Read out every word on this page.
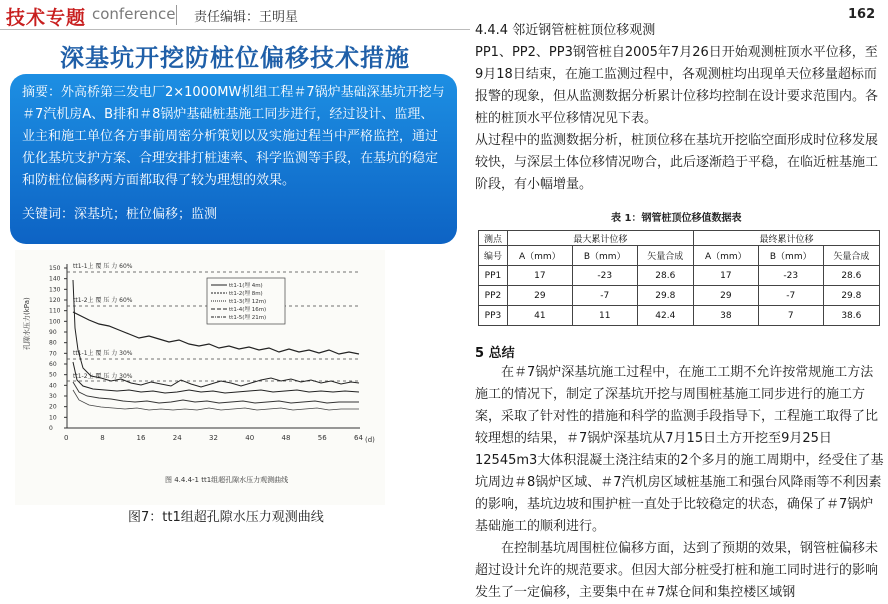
技术专题 conference 责任编辑：王明星	162
深基坑开挖防桩位偏移技术措施
摘要：外高桥第三发电厂2×1000MW机组工程＃7锅炉基础深基坑开挖与＃7汽机房A、B排和＃8锅炉基础桩基施工同步进行，经过设计、监理、业主和施工单位各方事前周密分析策划以及实施过程当中严格监控，通过优化基坑支护方案、合理安排打桩速率、科学监测等手段，在基坑的稳定和防桩位偏移两方面都取得了较为理想的效果。
关键词：深基坑；桩位偏移；监测
150
140
130
120
110
100
90
80
70
60
50
40
30
20
10
0
0	8	16	24	32	40	48	56	64
孔隙水压力(kPa)
(d)
tt1-1上 覆 压 力 60%
tt1-2上 覆 压 力 60%
tt1-1上 覆 压 力 30%
tt1-2上 覆 压 力 30%
tt1-1(埋 4m)
tt1-2(埋 8m)
tt1-3(埋 12m)
tt1-4(埋 16m)
tt1-5(埋 21m)
图 4.4.4-1 tt1组超孔隙水压力观测曲线
图7：tt1组超孔隙水压力观测曲线

4.4.4 邻近钢管桩桩顶位移观测

PP1、PP2、PP3钢管桩自2005年7月26日开始观测桩顶水平位移，至9月18日结束，在施工监测过程中，各观测桩均出现单天位移量超标而报警的现象，但从监测数据分析累计位移均控制在设计要求范围内。各桩的桩顶水平位移情况见下表。

从过程中的监测数据分析，桩顶位移在基坑开挖临空面形成时位移发展较快，与深层土体位移情况吻合，此后逐渐趋于平稳，在临近桩基施工阶段，有小幅增量。

表 1：钢管桩顶位移值数据表
测点	最大累计位移			最终累计位移		
编号	A（mm）	B（mm）	矢量合成	A（mm）	B（mm）	矢量合成
PP1	17	-23	28.6	17	-23	28.6
PP2	29	-7	29.8	29	-7	29.8
PP3	41	11	42.4	38	7	38.6
5 总结

在＃7锅炉深基坑施工过程中，在施工工期不允许按常规施工方法施工的情况下，制定了深基坑开挖与周围桩基施工同步进行的施工方案，采取了针对性的措施和科学的监测手段指导下，工程施工取得了比较理想的结果，＃7锅炉深基坑从7月15日土方开挖至9月25日12545m3大体积混凝土浇注结束的2个多月的施工周期中，经受住了基坑周边＃8锅炉区域、＃7汽机房区域桩基施工和强台风降雨等不利因素的影响，基坑边坡和围护桩一直处于比较稳定的状态，确保了＃7锅炉基础施工的顺利进行。

在控制基坑周围桩位偏移方面，达到了预期的效果，钢管桩偏移未超过设计允许的规范要求。但因大部分桩受打桩和施工同时进行的影响发生了一定偏移，主要集中在＃7煤仓间和集控楼区域钢
